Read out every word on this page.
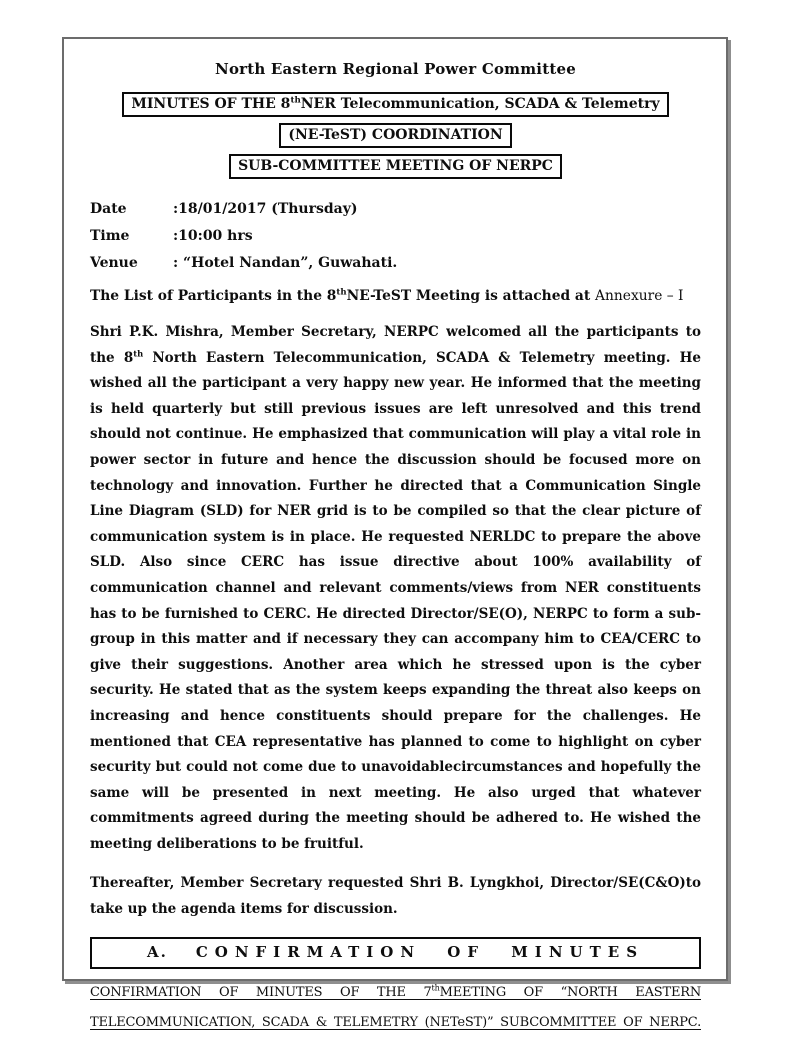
North Eastern Regional Power Committee
MINUTES OF THE 8thNER Telecommunication, SCADA & Telemetry
(NE-TeST) COORDINATION
SUB-COMMITTEE MEETING OF NERPC
Date	:18/01/2017 (Thursday)
Time	:10:00 hrs
Venue	: “Hotel Nandan”, Guwahati.

The List of Participants in the 8thNE-TeST Meeting is attached at Annexure – I

Shri P.K. Mishra, Member Secretary, NERPC welcomed all the participants to the 8th North Eastern Telecommunication, SCADA & Telemetry meeting. He wished all the participant a very happy new year. He informed that the meeting is held quarterly but still previous issues are left unresolved and this trend should not continue. He emphasized that communication will play a vital role in power sector in future and hence the discussion should be focused more on technology and innovation. Further he directed that a Communication Single Line Diagram (SLD) for NER grid is to be compiled so that the clear picture of communication system is in place. He requested NERLDC to prepare the above SLD. Also since CERC has issue directive about 100% availability of communication channel and relevant comments/views from NER constituents has to be furnished to CERC. He directed Director/SE(O), NERPC to form a sub-group in this matter and if necessary they can accompany him to CEA/CERC to give their suggestions. Another area which he stressed upon is the cyber security. He stated that as the system keeps expanding the threat also keeps on increasing and hence constituents should prepare for the challenges. He mentioned that CEA representative has planned to come to highlight on cyber security but could not come due to unavoidablecircumstances and hopefully the same will be presented in next meeting. He also urged that whatever commitments agreed during the meeting should be adhered to. He wished the meeting deliberations to be fruitful.

Thereafter, Member Secretary requested Shri B. Lyngkhoi, Director/SE(C&O)to take up the agenda items for discussion.

A. CONFIRMATION OF MINUTES

CONFIRMATION OF MINUTES OF THE 7thMEETING OF “NORTH EASTERN TELECOMMUNICATION, SCADA & TELEMETRY (NETeST)” SUBCOMMITTEE OF NERPC.
